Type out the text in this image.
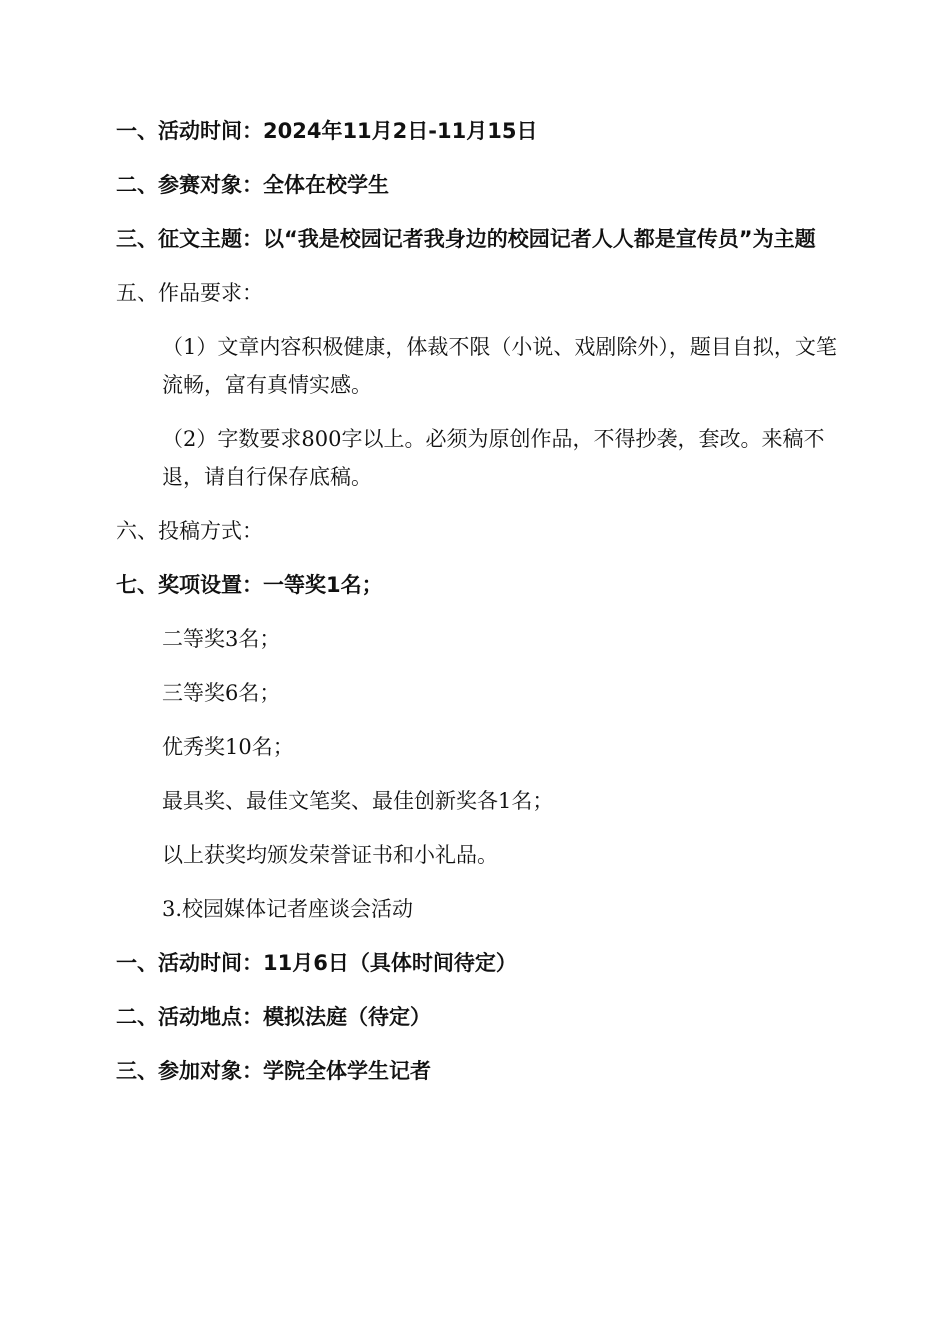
一、活动时间：2024年11月2日-11月15日

二、参赛对象：全体在校学生

三、征文主题：以“我是校园记者我身边的校园记者人人都是宣传员”为主题

五、作品要求：

（1）文章内容积极健康，体裁不限（小说、戏剧除外），题目自拟，文笔流畅，富有真情实感。

（2）字数要求800字以上。必须为原创作品，不得抄袭，套改。来稿不退，请自行保存底稿。

六、投稿方式：

七、奖项设置：一等奖1名；

二等奖3名；

三等奖6名；

优秀奖10名；

最具奖、最佳文笔奖、最佳创新奖各1名；

以上获奖均颁发荣誉证书和小礼品。

3.校园媒体记者座谈会活动

一、活动时间：11月6日（具体时间待定）

二、活动地点：模拟法庭（待定）

三、参加对象：学院全体学生记者
